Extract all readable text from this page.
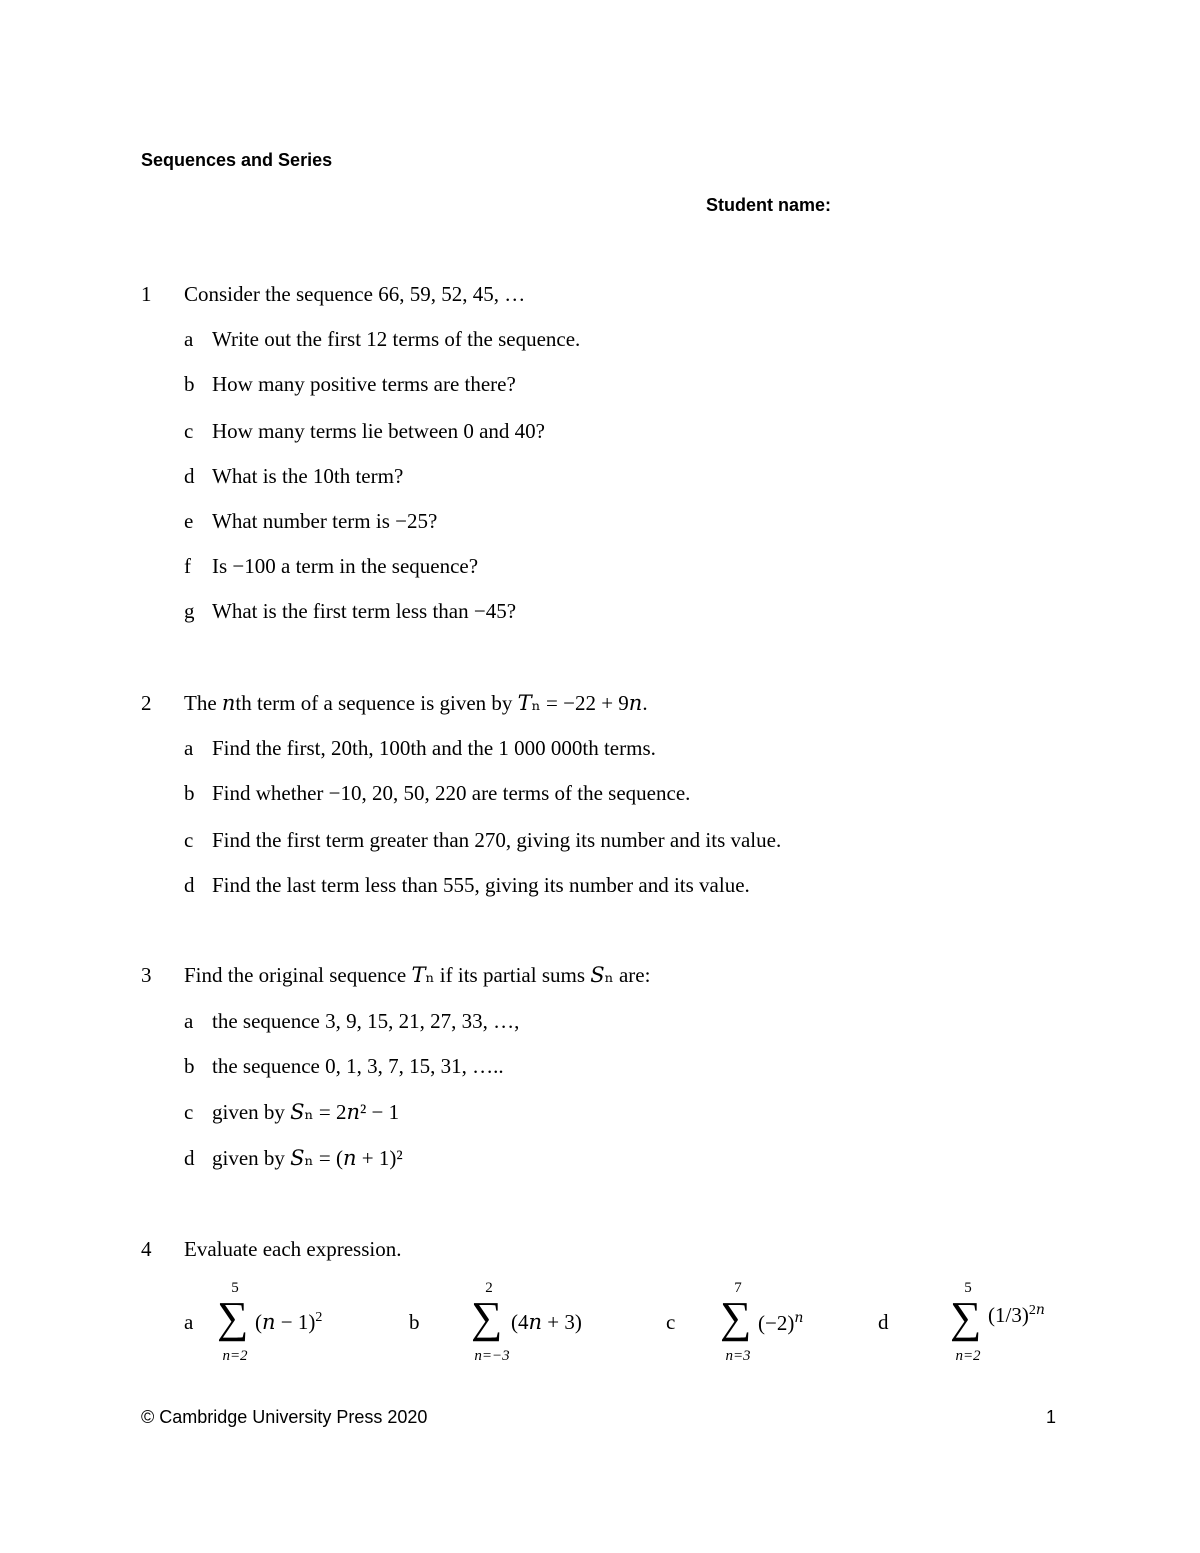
Sequences and Series
Student name:
1 Consider the sequence 66, 59, 52, 45, …
a Write out the first 12 terms of the sequence.
b How many positive terms are there?
c How many terms lie between 0 and 40?
d What is the 10th term?
e What number term is −25?
f Is −100 a term in the sequence?
g What is the first term less than −45?
2 The 𝑛th term of a sequence is given by 𝑇ₙ = −22 + 9𝑛.
a Find the first, 20th, 100th and the 1 000 000th terms.
b Find whether −10, 20, 50, 220 are terms of the sequence.
c Find the first term greater than 270, giving its number and its value.
d Find the last term less than 555, giving its number and its value.
3 Find the original sequence 𝑇ₙ if its partial sums 𝑆ₙ are:
a the sequence 3, 9, 15, 21, 27, 33, …,
b the sequence 0, 1, 3, 7, 15, 31, …..
c given by 𝑆ₙ = 2𝑛² − 1
d given by 𝑆ₙ = (𝑛 + 1)²
4 Evaluate each expression.
a
5
∑
n=2
(𝑛 − 1)$^2$	b
2
∑
n=−3
(4𝑛 + 3)	c
7
∑
n=3
$(-2)^𝑛$	d
5
∑
n=2
$(1/3)^{2𝑛}$
© Cambridge University Press 2020	1
